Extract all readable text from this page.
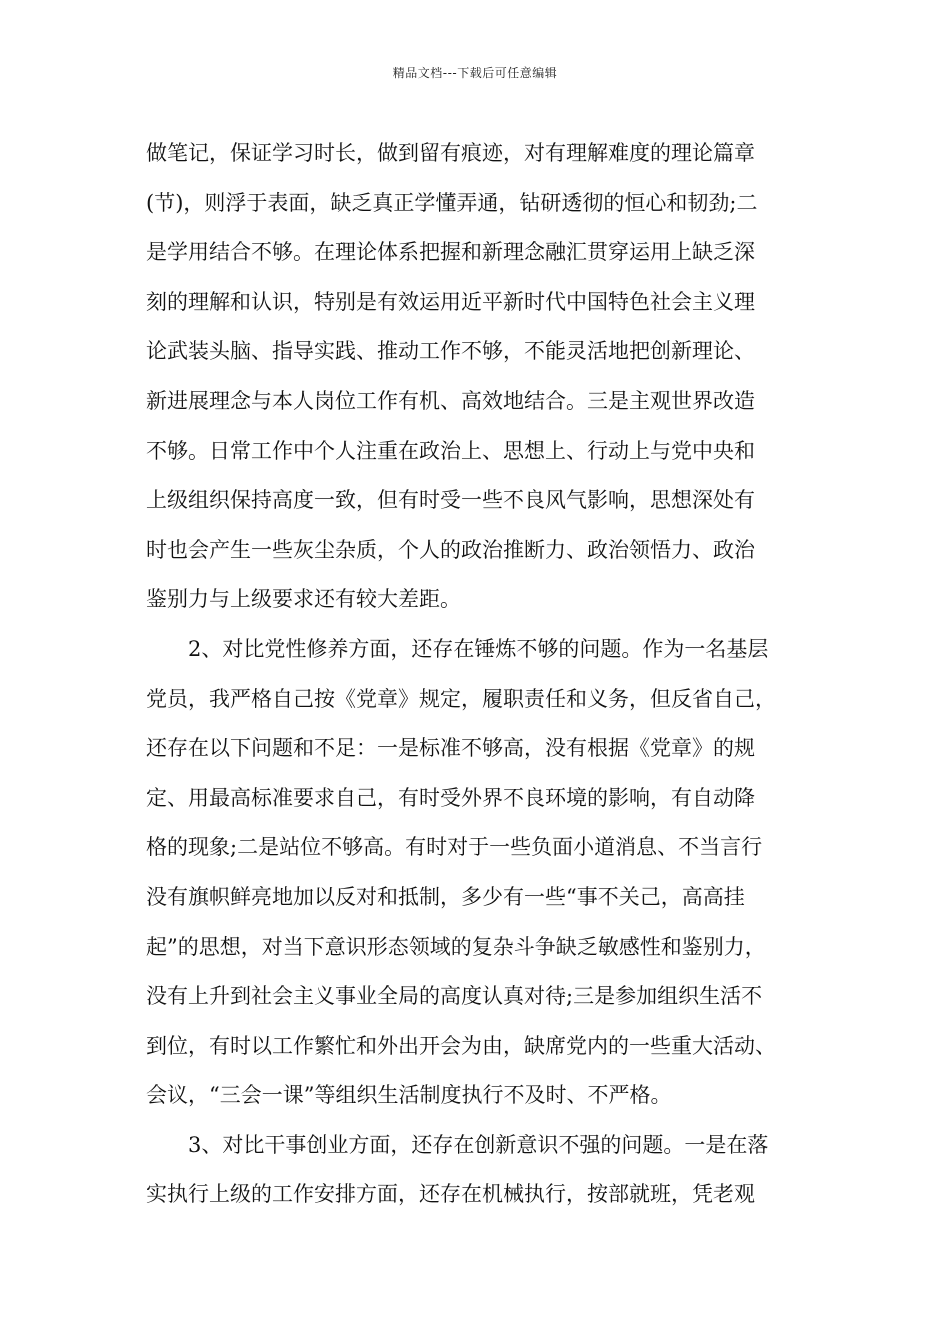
精品文档---下载后可任意编辑
做笔记，保证学习时长，做到留有痕迹，对有理解难度的理论篇章
(节)，则浮于表面，缺乏真正学懂弄通，钻研透彻的恒心和韧劲;二
是学用结合不够。在理论体系把握和新理念融汇贯穿运用上缺乏深
刻的理解和认识，特别是有效运用近平新时代中国特色社会主义理
论武装头脑、指导实践、推动工作不够，不能灵活地把创新理论、
新进展理念与本人岗位工作有机、高效地结合。三是主观世界改造
不够。日常工作中个人注重在政治上、思想上、行动上与党中央和
上级组织保持高度一致，但有时受一些不良风气影响，思想深处有
时也会产生一些灰尘杂质，个人的政治推断力、政治领悟力、政治
鉴别力与上级要求还有较大差距。
2、对比党性修养方面，还存在锤炼不够的问题。作为一名基层
党员，我严格自己按《党章》规定，履职责任和义务，但反省自己，
还存在以下问题和不足：一是标准不够高，没有根据《党章》的规
定、用最高标准要求自己，有时受外界不良环境的影响，有自动降
格的现象;二是站位不够高。有时对于一些负面小道消息、不当言行
没有旗帜鲜亮地加以反对和抵制，多少有一些“事不关己，高高挂
起”的思想，对当下意识形态领域的复杂斗争缺乏敏感性和鉴别力，
没有上升到社会主义事业全局的高度认真对待;三是参加组织生活不
到位，有时以工作繁忙和外出开会为由，缺席党内的一些重大活动、
会议，“三会一课”等组织生活制度执行不及时、不严格。
3、对比干事创业方面，还存在创新意识不强的问题。一是在落
实执行上级的工作安排方面，还存在机械执行，按部就班，凭老观
